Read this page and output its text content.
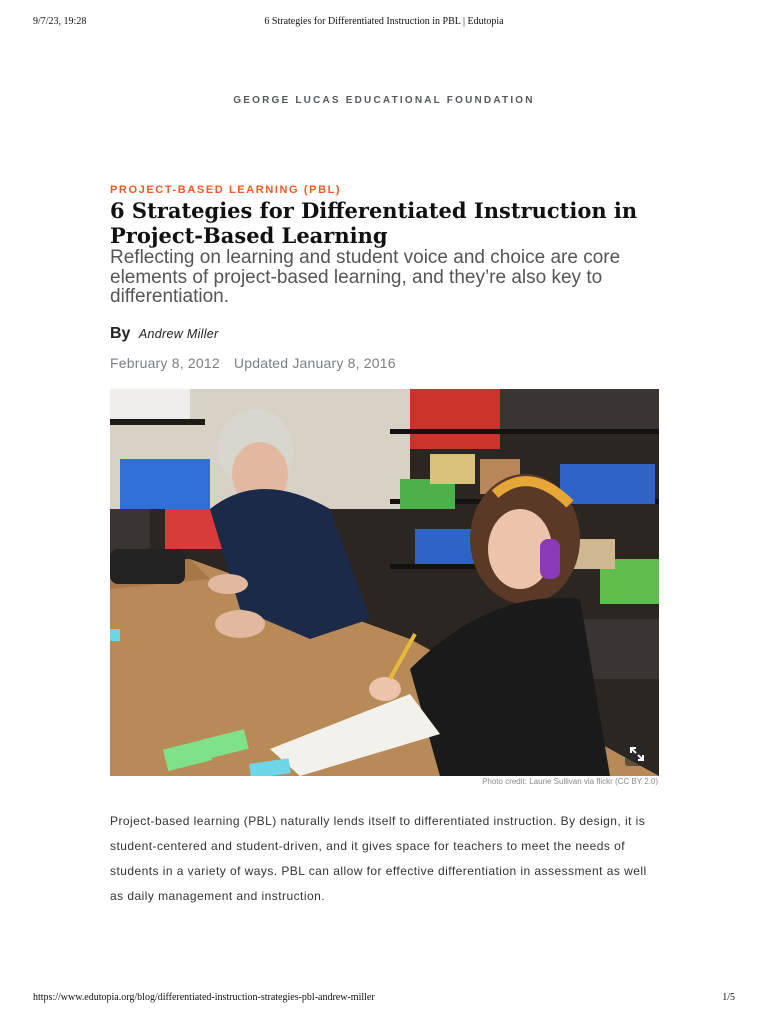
9/7/23, 19:28	6 Strategies for Differentiated Instruction in PBL | Edutopia
GEORGE LUCAS EDUCATIONAL FOUNDATION
PROJECT-BASED LEARNING (PBL)
6 Strategies for Differentiated Instruction in Project-Based Learning

Reflecting on learning and student voice and choice are core elements of project-based learning, and they’re also key to differentiation.

By Andrew Miller
February 8, 2012 Updated January 8, 2016
Photo credit: Laurie Sullivan via flickr (CC BY 2.0)

Project-based learning (PBL) naturally lends itself to differentiated instruction. By design, it is student-centered and student-driven, and it gives space for teachers to meet the needs of students in a variety of ways. PBL can allow for effective differentiation in assessment as well as daily management and instruction.

https://www.edutopia.org/blog/differentiated-instruction-strategies-pbl-andrew-miller	1/5
